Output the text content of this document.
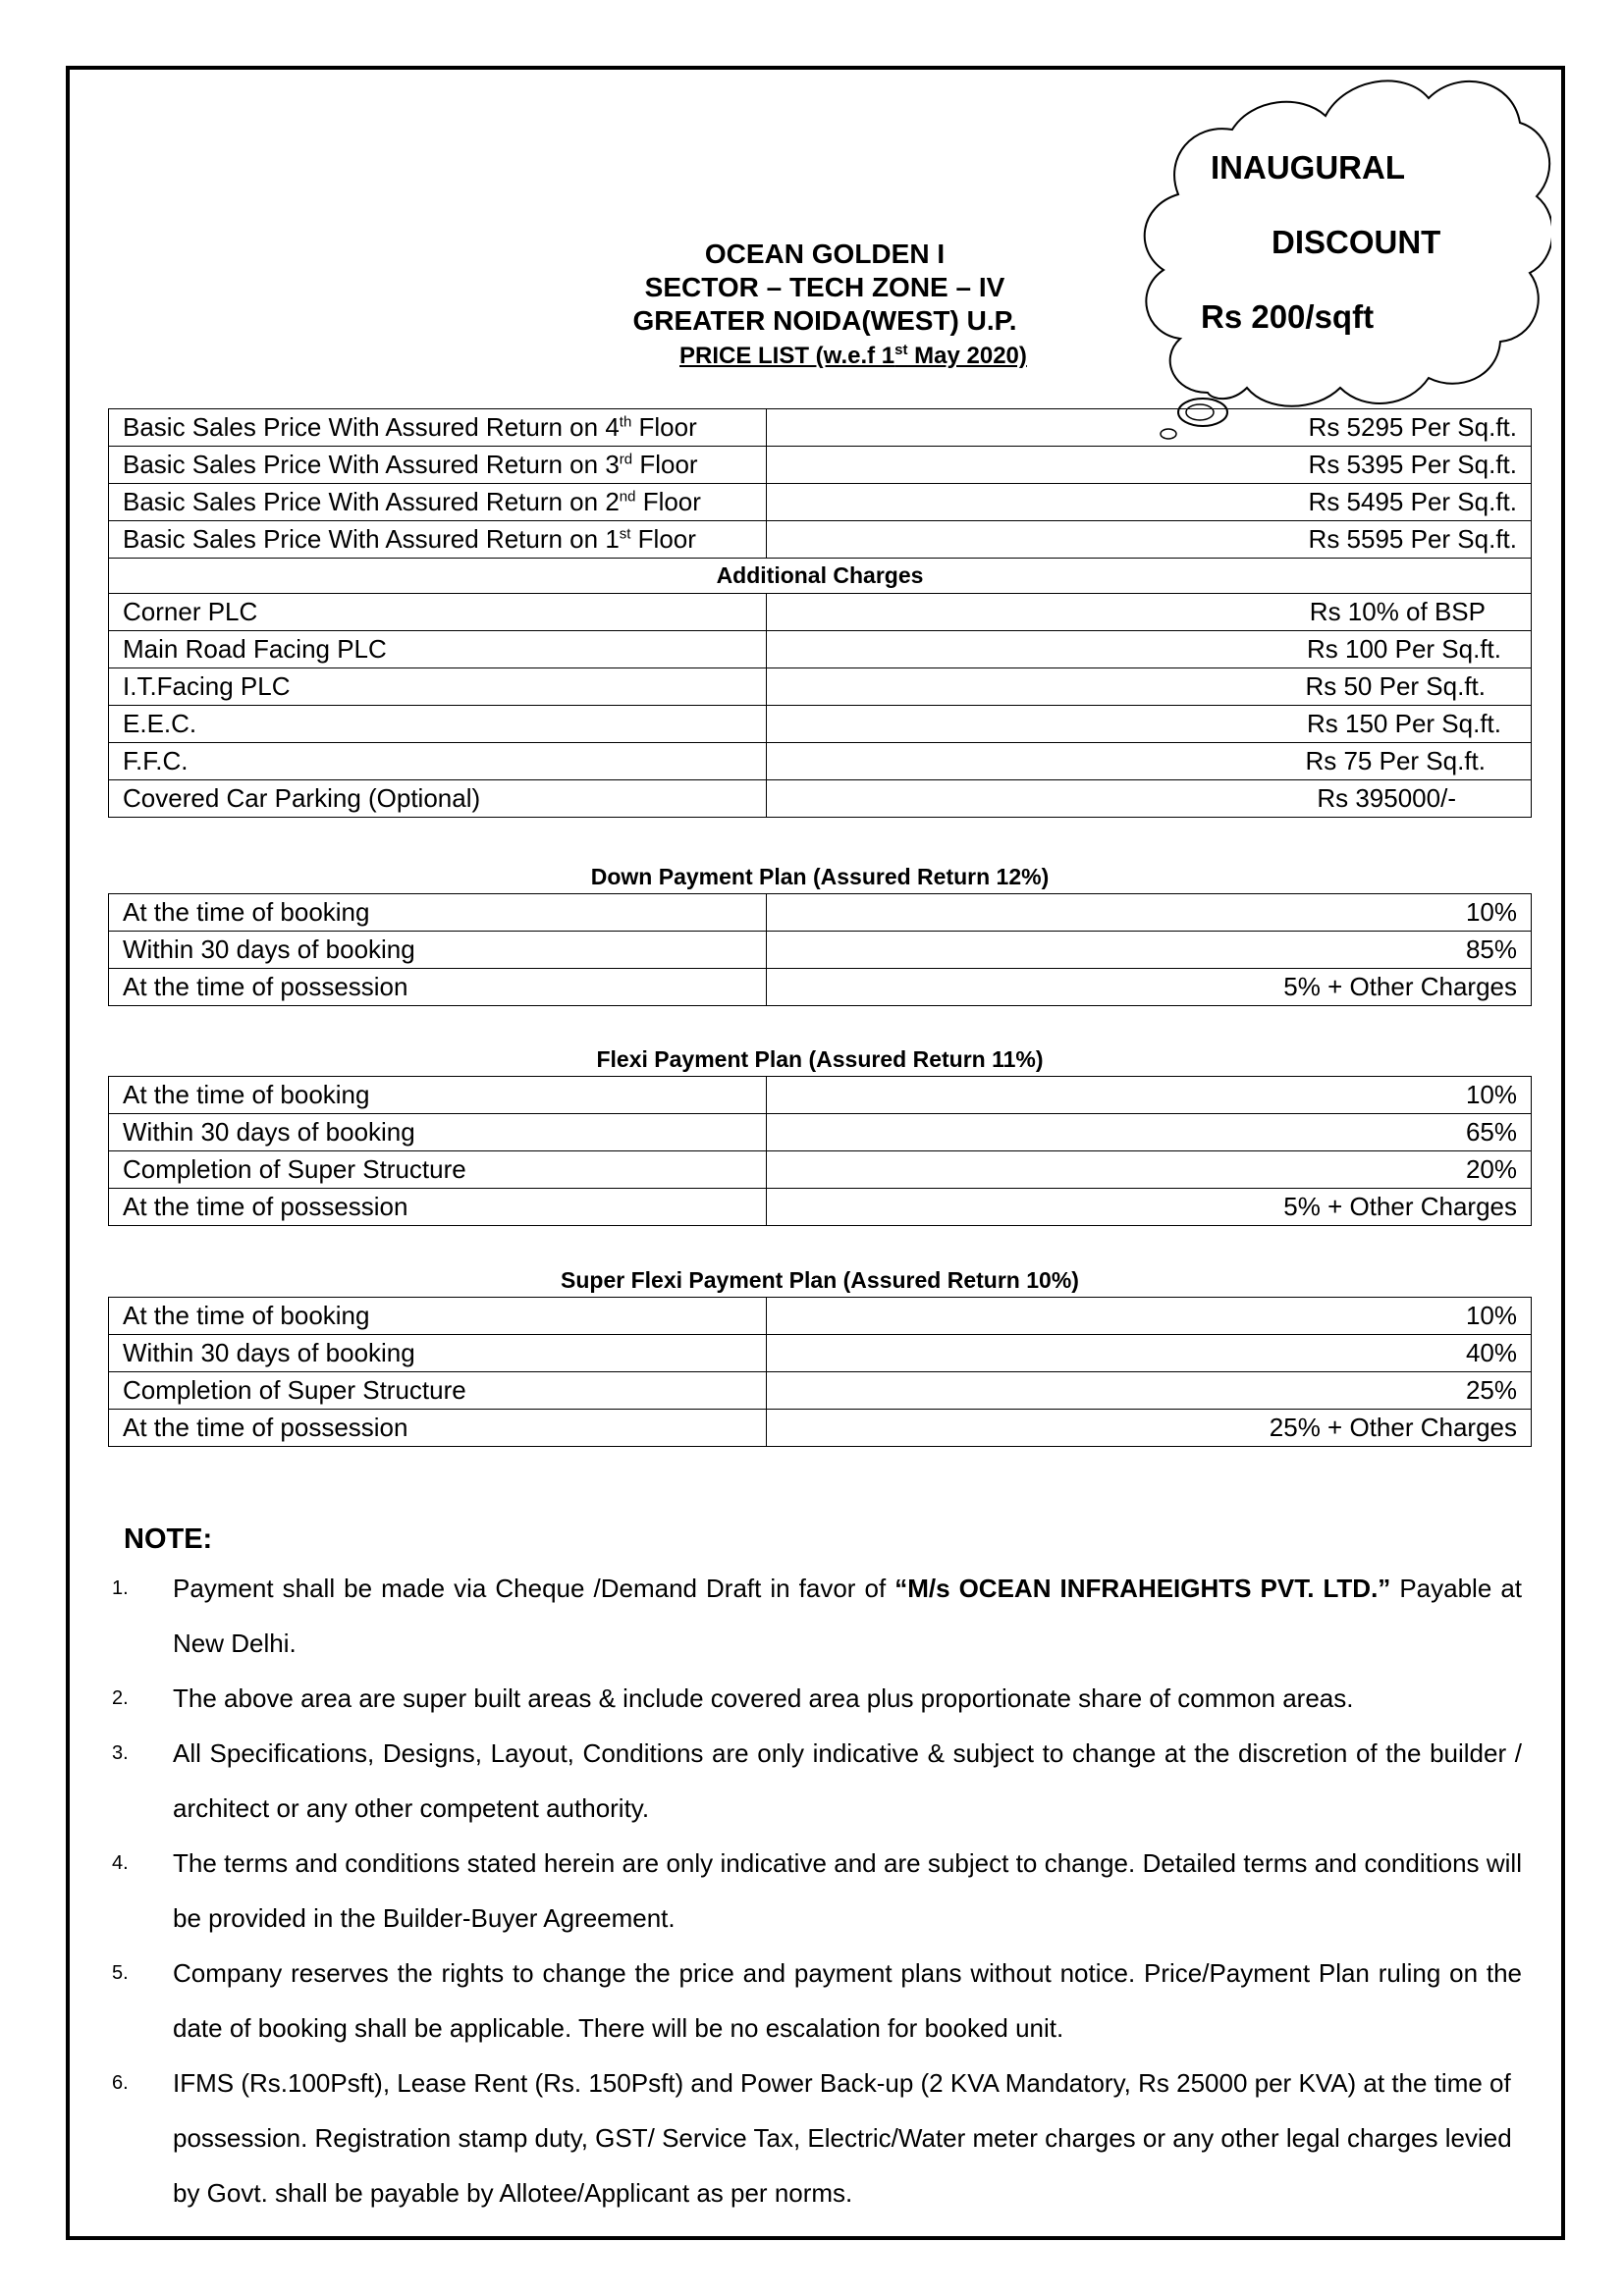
INAUGURAL
DISCOUNT
Rs 200/sqft
OCEAN GOLDEN I
SECTOR – TECH ZONE – IV
GREATER NOIDA(WEST) U.P.
PRICE LIST (w.e.f 1st May 2020)
Basic Sales Price With Assured Return on 4th Floor	Rs 5295 Per Sq.ft.
Basic Sales Price With Assured Return on 3rd Floor	Rs 5395 Per Sq.ft.
Basic Sales Price With Assured Return on 2nd Floor	Rs 5495 Per Sq.ft.
Basic Sales Price With Assured Return on 1st Floor	Rs 5595 Per Sq.ft.
Additional Charges	
Corner PLC	Rs 10% of BSP
Main Road Facing PLC	Rs 100 Per Sq.ft.
I.T.Facing PLC	Rs 50 Per Sq.ft.
E.E.C.	Rs 150 Per Sq.ft.
F.F.C.	Rs 75 Per Sq.ft.
Covered Car Parking (Optional)	Rs 395000/-
Down Payment Plan (Assured Return 12%)
At the time of booking	10%
Within 30 days of booking	85%
At the time of possession	5% + Other Charges
Flexi Payment Plan (Assured Return 11%)
At the time of booking	10%
Within 30 days of booking	65%
Completion of Super Structure	20%
At the time of possession	5% + Other Charges
Super Flexi Payment Plan (Assured Return 10%)
At the time of booking	10%
Within 30 days of booking	40%
Completion of Super Structure	25%
At the time of possession	25% + Other Charges
NOTE:
1. Payment shall be made via Cheque /Demand Draft in favor of “M/s OCEAN INFRAHEIGHTS PVT. LTD.” Payable at New Delhi.
2. The above area are super built areas & include covered area plus proportionate share of common areas.
3. All Specifications, Designs, Layout, Conditions are only indicative & subject to change at the discretion of the builder / architect or any other competent authority.
4. The terms and conditions stated herein are only indicative and are subject to change. Detailed terms and conditions will be provided in the Builder-Buyer Agreement.
5. Company reserves the rights to change the price and payment plans without notice. Price/Payment Plan ruling on the date of booking shall be applicable. There will be no escalation for booked unit.
6. IFMS (Rs.100Psft), Lease Rent (Rs. 150Psft) and Power Back-up (2 KVA Mandatory, Rs 25000 per KVA) at the time of possession. Registration stamp duty, GST/ Service Tax, Electric/Water meter charges or any other legal charges levied by Govt. shall be payable by Allotee/Applicant as per norms.
